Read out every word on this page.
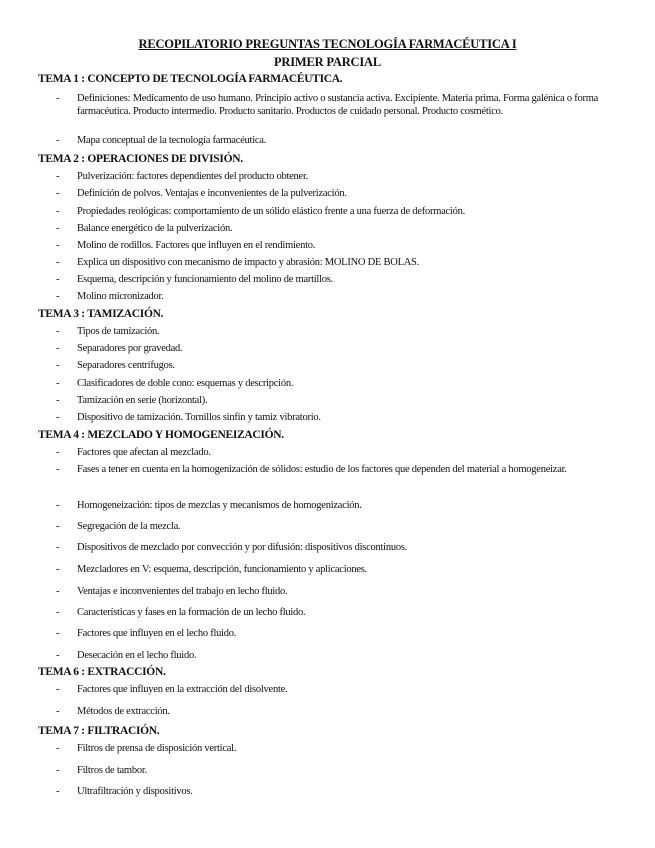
RECOPILATORIO PREGUNTAS TECNOLOGÍA FARMACÉUTICA I
PRIMER PARCIAL
TEMA 1 : CONCEPTO DE TECNOLOGÍA FARMACÉUTICA.
- Definiciones: Medicamento de uso humano. Principio activo o sustancia activa. Excipiente. Materia prima. Forma galénica o forma farmacéutica. Producto intermedio. Producto sanitario. Productos de cuidado personal. Producto cosmético.
- Mapa conceptual de la tecnología farmacéutica.
TEMA 2 : OPERACIONES DE DIVISIÓN.
- Pulverización: factores dependientes del producto obtener.
- Definición de polvos. Ventajas e inconvenientes de la pulverización.
- Propiedades reológicas: comportamiento de un sólido elástico frente a una fuerza de deformación.
- Balance energético de la pulverización.
- Molino de rodillos. Factores que influyen en el rendimiento.
- Explica un dispositivo con mecanismo de impacto y abrasión: MOLINO DE BOLAS.
- Esquema, descripción y funcionamiento del molino de martillos.
- Molino micronizador.
TEMA 3 : TAMIZACIÓN.
- Tipos de tamización.
- Separadores por gravedad.
- Separadores centrífugos.
- Clasificadores de doble cono: esquemas y descripción.
- Tamización en serie (horizontal).
- Dispositivo de tamización. Tornillos sinfín y tamiz vibratorio.
TEMA 4 : MEZCLADO Y HOMOGENEIZACIÓN.
- Factores que afectan al mezclado.
- Fases a tener en cuenta en la homogenización de sólidos: estudio de los factores que dependen del material a homogeneizar.
- Homogeneización: tipos de mezclas y mecanismos de homogenización.
- Segregación de la mezcla.
- Dispositivos de mezclado por convección y por difusión: dispositivos discontinuos.
- Mezcladores en V: esquema, descripción, funcionamiento y aplicaciones.
- Ventajas e inconvenientes del trabajo en lecho fluido.
- Características y fases en la formación de un lecho fluido.
- Factores que influyen en el lecho fluido.
- Desecación en el lecho fluido.
TEMA 6 : EXTRACCIÓN.
- Factores que influyen en la extracción del disolvente.
- Métodos de extracción.
TEMA 7 : FILTRACIÓN.
- Filtros de prensa de disposición vertical.
- Filtros de tambor.
- Ultrafiltración y dispositivos.
